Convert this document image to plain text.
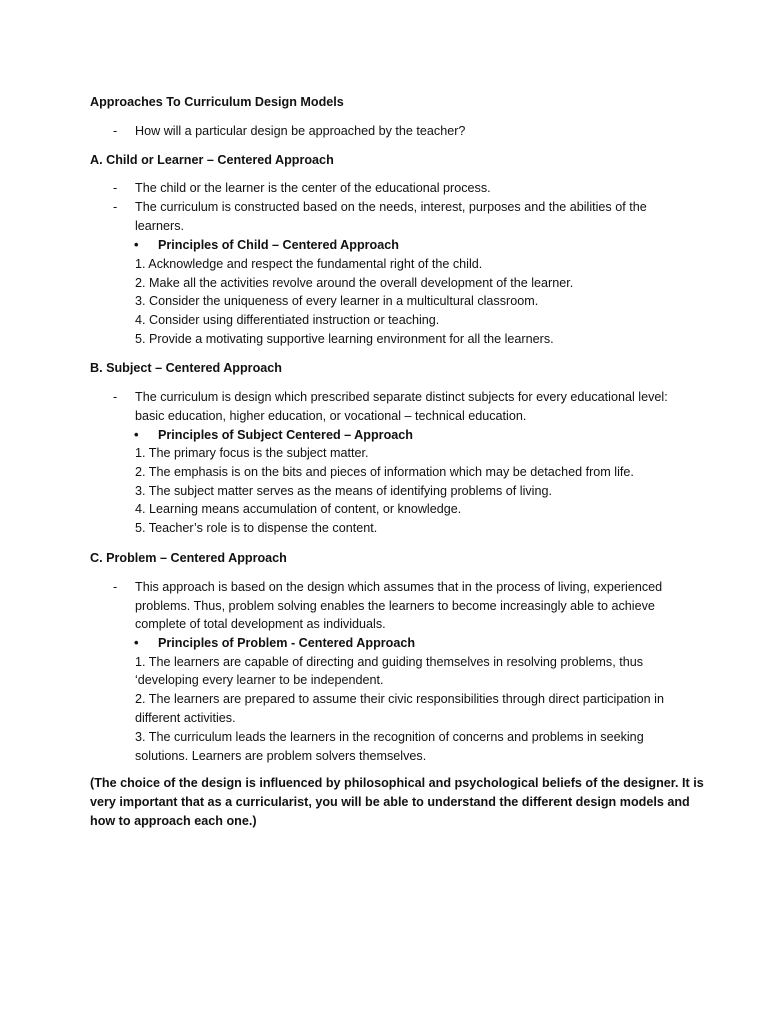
Approaches To Curriculum Design Models
- How will a particular design be approached by the teacher?
A. Child or Learner – Centered Approach
- The child or the learner is the center of the educational process.
- The curriculum is constructed based on the needs, interest, purposes and the abilities of the
learners.
• Principles of Child – Centered Approach
1. Acknowledge and respect the fundamental right of the child.
2. Make all the activities revolve around the overall development of the learner.
3. Consider the uniqueness of every learner in a multicultural classroom.
4. Consider using differentiated instruction or teaching.
5. Provide a motivating supportive learning environment for all the learners.
B. Subject – Centered Approach
- The curriculum is design which prescribed separate distinct subjects for every educational level:
basic education, higher education, or vocational – technical education.
• Principles of Subject Centered – Approach
1. The primary focus is the subject matter.
2. The emphasis is on the bits and pieces of information which may be detached from life.
3. The subject matter serves as the means of identifying problems of living.
4. Learning means accumulation of content, or knowledge.
5. Teacher’s role is to dispense the content.
C. Problem – Centered Approach
- This approach is based on the design which assumes that in the process of living, experienced
problems. Thus, problem solving enables the learners to become increasingly able to achieve
complete of total development as individuals.
• Principles of Problem - Centered Approach
1. The learners are capable of directing and guiding themselves in resolving problems, thus
‘developing every learner to be independent.
2. The learners are prepared to assume their civic responsibilities through direct participation in
different activities.
3. The curriculum leads the learners in the recognition of concerns and problems in seeking
solutions. Learners are problem solvers themselves.
(The choice of the design is influenced by philosophical and psychological beliefs of the designer. It is
very important that as a curricularist, you will be able to understand the different design models and
how to approach each one.)
